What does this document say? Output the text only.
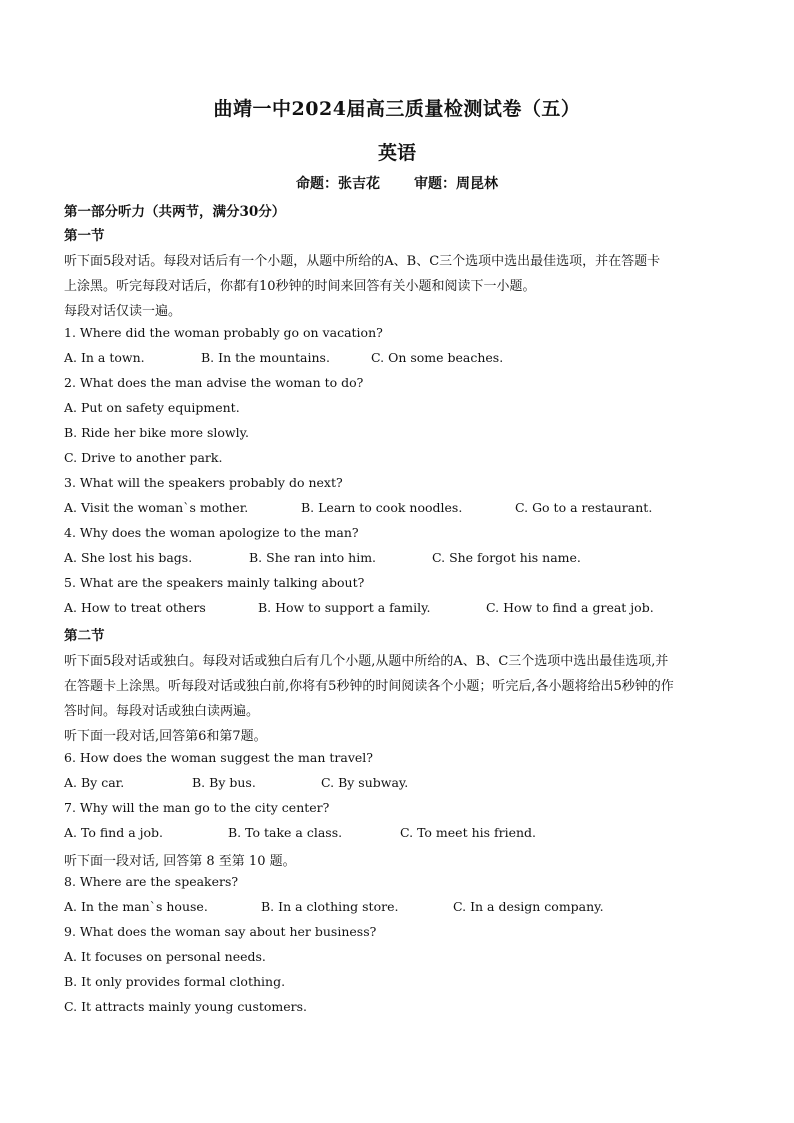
曲靖一中2024届高三质量检测试卷（五）
英语
命题：张吉花 审题：周昆林
第一部分听力（共两节，满分30分）
第一节
听下面5段对话。每段对话后有一个小题，从题中所给的A、B、C三个选项中选出最佳选项，并在答题卡
上涂黑。听完每段对话后，你都有10秒钟的时间来回答有关小题和阅读下一小题。
每段对话仅读一遍。
1. Where did the woman probably go on vacation?
A. In a town.	B. In the mountains.	C. On some beaches.
2. What does the man advise the woman to do?
A. Put on safety equipment.
B. Ride her bike more slowly.
C. Drive to another park.
3. What will the speakers probably do next?
A. Visit the woman`s mother.	B. Learn to cook noodles.	C. Go to a restaurant.
4. Why does the woman apologize to the man?
A. She lost his bags.	B. She ran into him.	C. She forgot his name.
5. What are the speakers mainly talking about?
A. How to treat others	B. How to support a family.	C. How to find a great job.
第二节
听下面5段对话或独白。每段对话或独白后有几个小题,从题中所给的A、B、C三个选项中选出最佳选项,并
在答题卡上涂黑。听每段对话或独白前,你将有5秒钟的时间阅读各个小题；听完后,各小题将给出5秒钟的作
答时间。每段对话或独白读两遍。
听下面一段对话,回答第6和第7题。
6. How does the woman suggest the man travel?
A. By car.	B. By bus.	C. By subway.
7. Why will the man go to the city center?
A. To find a job.	B. To take a class.	C. To meet his friend.
听下面一段对话, 回答第 8 至第 10 题。
8. Where are the speakers?
A. In the man`s house.	B. In a clothing store.	C. In a design company.
9. What does the woman say about her business?
A. It focuses on personal needs.
B. It only provides formal clothing.
C. It attracts mainly young customers.
